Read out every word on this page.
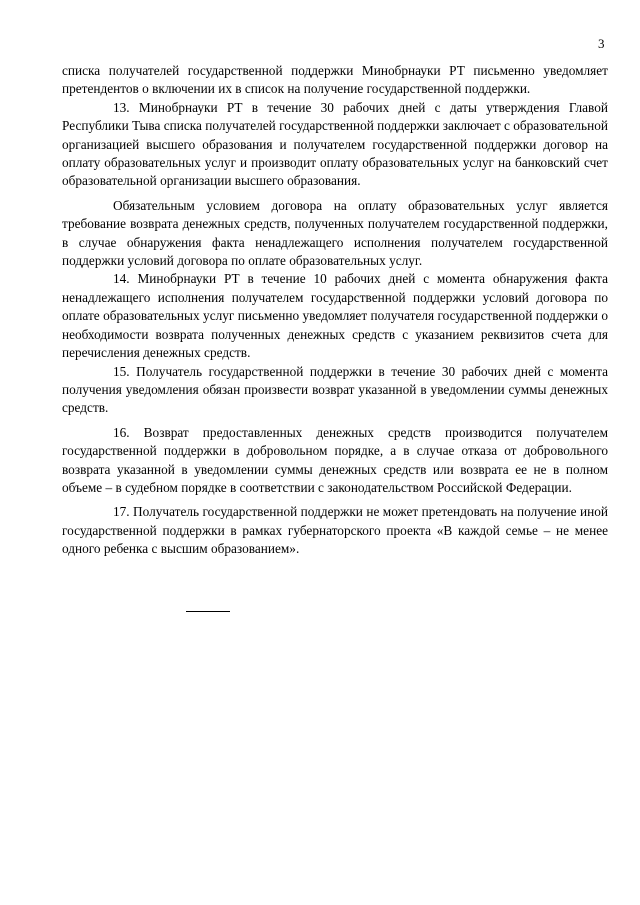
3

списка получателей государственной поддержки Минобрнауки РТ письменно уведомляет претендентов о включении их в список на получение государственной поддержки.

13. Минобрнауки РТ в течение 30 рабочих дней с даты утверждения Главой Республики Тыва списка получателей государственной поддержки заключает с образовательной организацией высшего образования и получателем государственной поддержки договор на оплату образовательных услуг и производит оплату образовательных услуг на банковский счет образовательной организации высшего образования.

Обязательным условием договора на оплату образовательных услуг является требование возврата денежных средств, полученных получателем государственной поддержки, в случае обнаружения факта ненадлежащего исполнения получателем государственной поддержки условий договора по оплате образовательных услуг.

14. Минобрнауки РТ в течение 10 рабочих дней с момента обнаружения факта ненадлежащего исполнения получателем государственной поддержки условий договора по оплате образовательных услуг письменно уведомляет получателя государственной поддержки о необходимости возврата полученных денежных средств с указанием реквизитов счета для перечисления денежных средств.

15. Получатель государственной поддержки в течение 30 рабочих дней с момента получения уведомления обязан произвести возврат указанной в уведомлении суммы денежных средств.

16. Возврат предоставленных денежных средств производится получателем государственной поддержки в добровольном порядке, а в случае отказа от добровольного возврата указанной в уведомлении суммы денежных средств или возврата ее не в полном объеме – в судебном порядке в соответствии с законодательством Российской Федерации.

17. Получатель государственной поддержки не может претендовать на получение иной государственной поддержки в рамках губернаторского проекта «В каждой семье – не менее одного ребенка с высшим образованием».
